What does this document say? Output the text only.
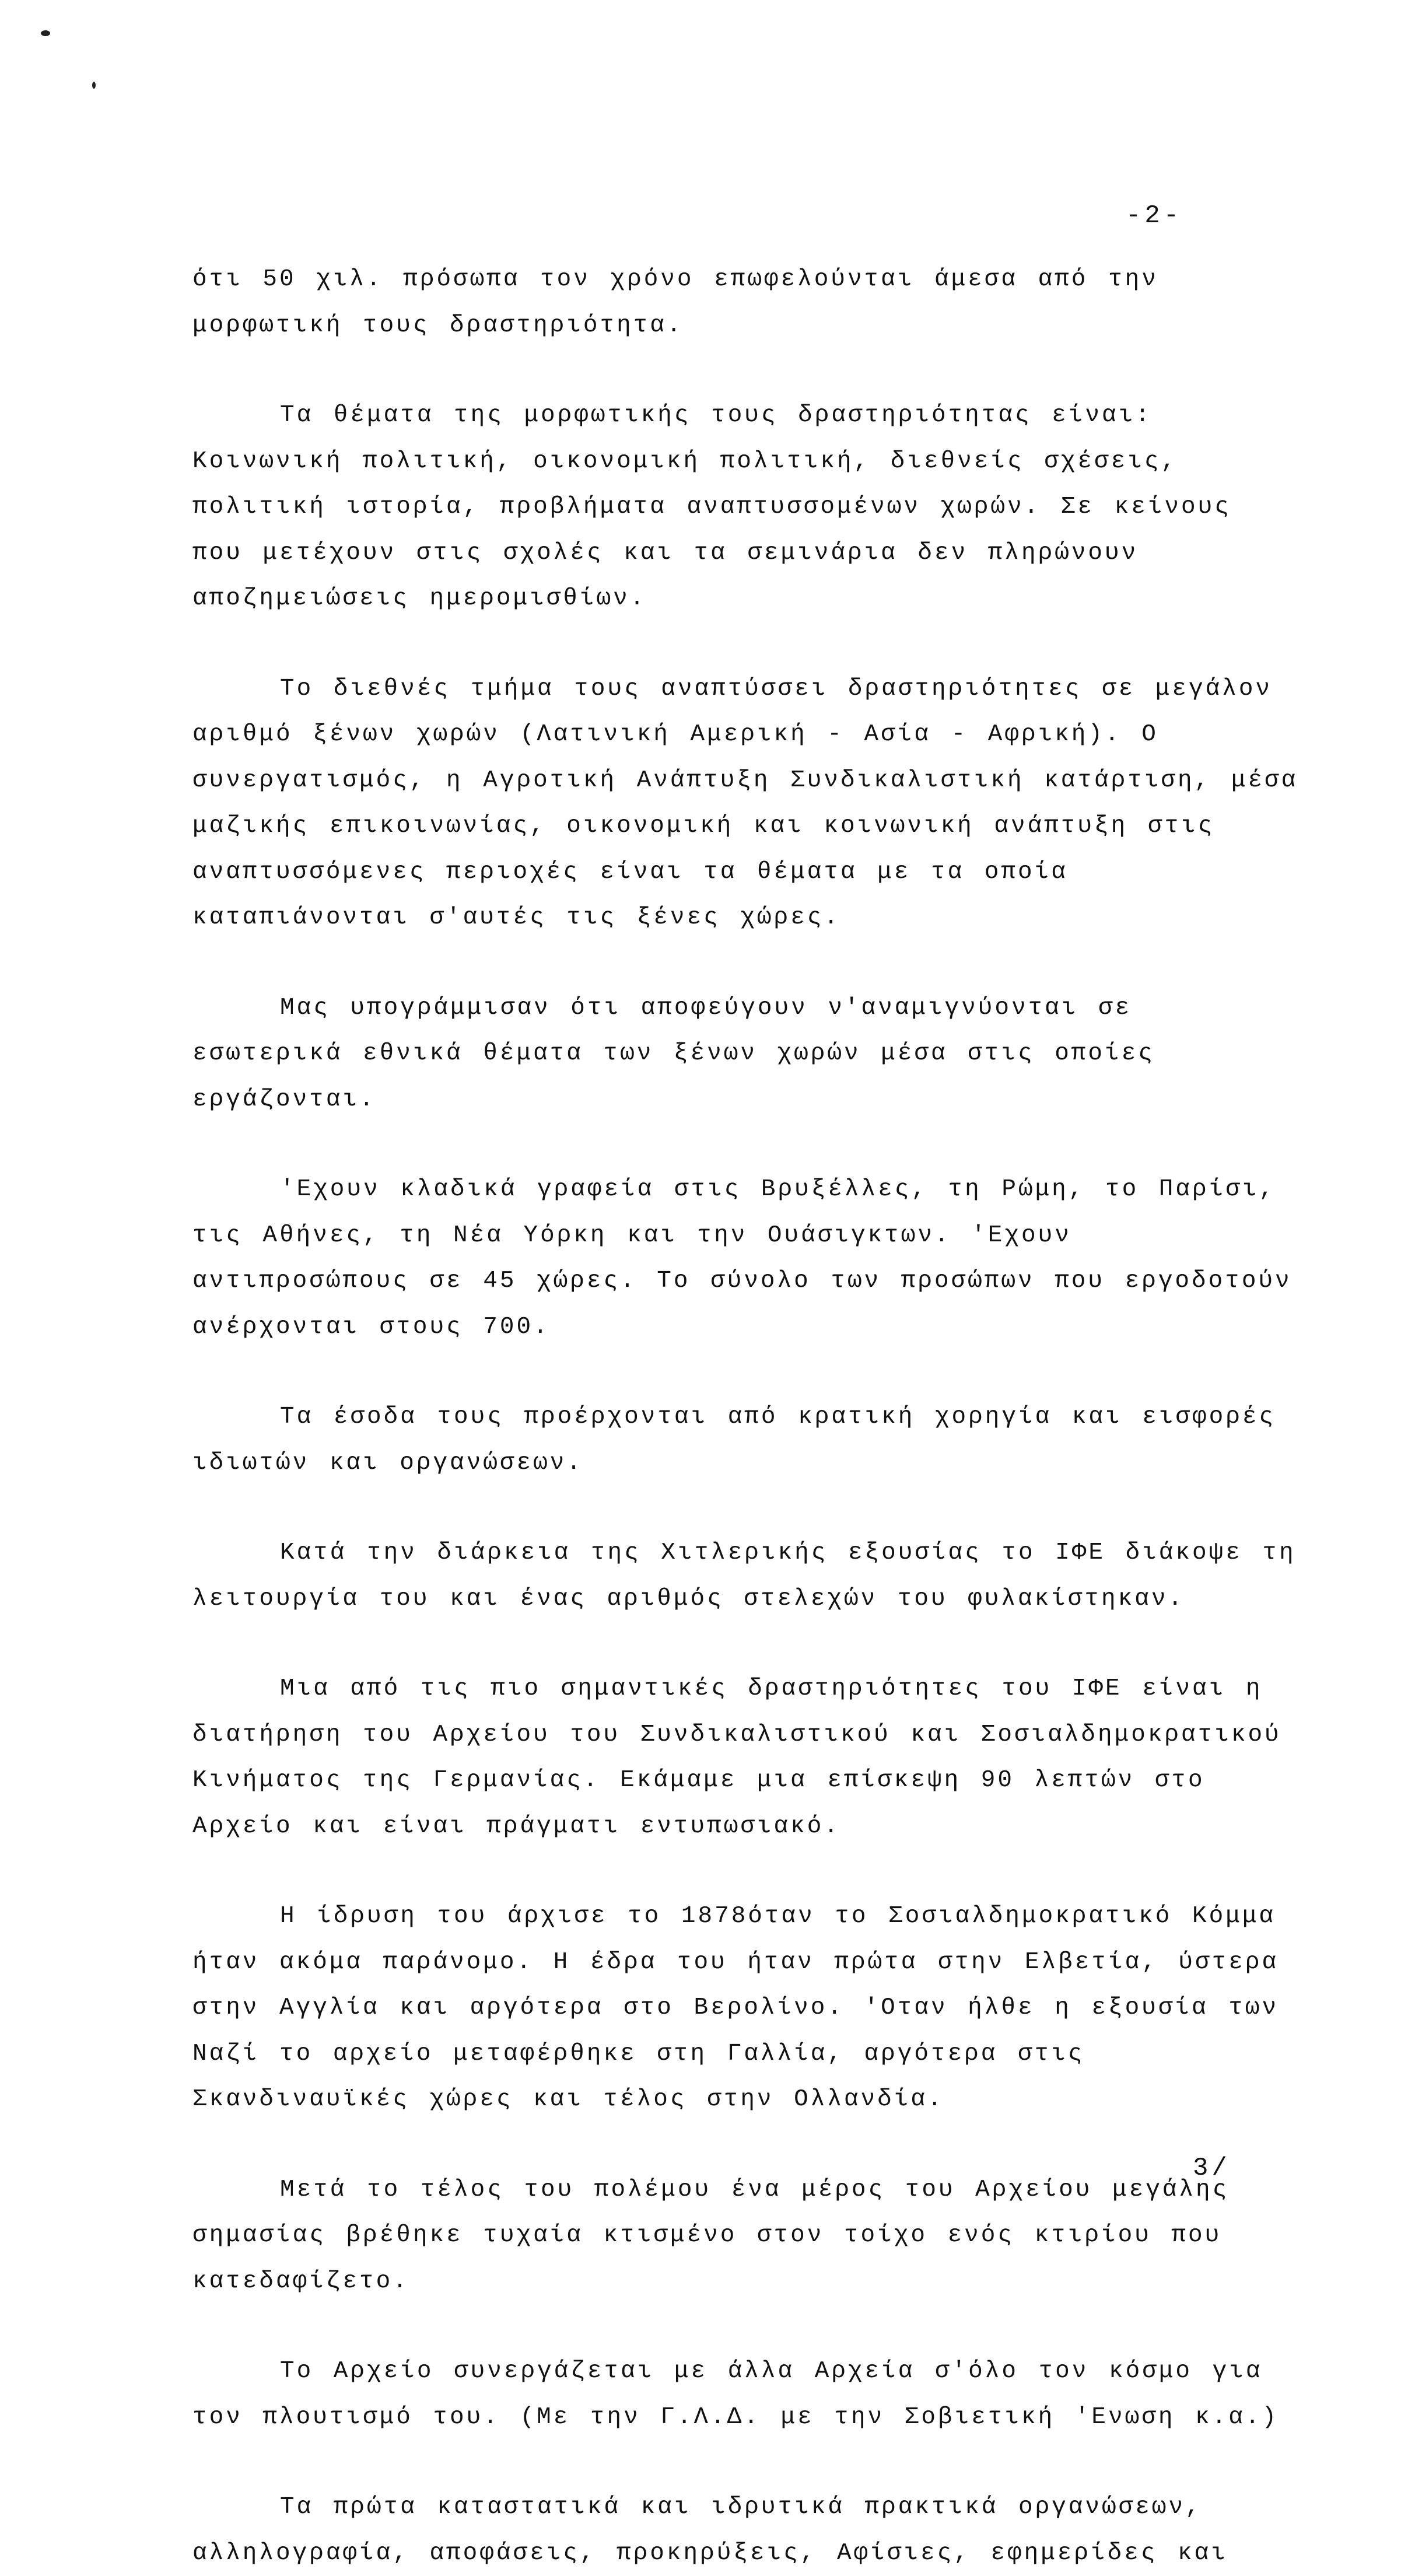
-2-

ότι 50 χιλ. πρόσωπα τον χρόνο επωφελούνται άμεσα από την μορφωτική τους δραστηριότητα.

Τα θέματα της μορφωτικής τους δραστηριότητας είναι: Κοινωνική πολιτική, οικονομική πολιτική, διεθνείς σχέσεις, πολιτική ιστορία, προβλήματα αναπτυσσομένων χωρών. Σε κείνους που μετέχουν στις σχολές και τα σεμινάρια δεν πληρώνουν αποζημειώσεις ημερομισθίων.

Το διεθνές τμήμα τους αναπτύσσει δραστηριότητες σε μεγάλον αριθμό ξένων χωρών (Λατινική Αμερική - Ασία - Αφρική). Ο συνεργατισμός, η Αγροτική Ανάπτυξη Συνδικαλιστική κατάρτιση, μέσα μαζικής επικοινωνίας, οικονομική και κοινωνική ανάπτυξη στις αναπτυσσόμενες περιοχές είναι τα θέματα με τα οποία καταπιάνονται σ'αυτές τις ξένες χώρες.

Μας υπογράμμισαν ότι αποφεύγουν ν'αναμιγνύονται σε εσωτερικά εθνικά θέματα των ξένων χωρών μέσα στις οποίες εργάζονται.

'Εχουν κλαδικά γραφεία στις Βρυξέλλες, τη Ρώμη, το Παρίσι, τις Αθήνες, τη Νέα Υόρκη και την Ουάσιγκτων. 'Εχουν αντιπροσώπους σε 45 χώρες. Το σύνολο των προσώπων που εργοδοτούν ανέρχονται στους 700.

Τα έσοδα τους προέρχονται από κρατική χορηγία και εισφορές ιδιωτών και οργανώσεων.

Κατά την διάρκεια της Χιτλερικής εξουσίας το ΙΦΕ διάκοψε τη λειτουργία του και ένας αριθμός στελεχών του φυλακίστηκαν.

Μια από τις πιο σημαντικές δραστηριότητες του ΙΦΕ είναι η διατήρηση του Αρχείου του Συνδικαλιστικού και Σοσιαλδημοκρατικού Κινήματος της Γερμανίας. Εκάμαμε μια επίσκεψη 90 λεπτών στο Αρχείο και είναι πράγματι εντυπωσιακό.

Η ίδρυση του άρχισε το 1878όταν το Σοσιαλδημοκρατικό Κόμμα ήταν ακόμα παράνομο. Η έδρα του ήταν πρώτα στην Ελβετία, ύστερα στην Αγγλία και αργότερα στο Βερολίνο. 'Οταν ήλθε η εξουσία των Ναζί το αρχείο μεταφέρθηκε στη Γαλλία, αργότερα στις Σκανδιναυϊκές χώρες και τέλος στην Ολλανδία.

Μετά το τέλος του πολέμου ένα μέρος του Αρχείου μεγάλης σημασίας βρέθηκε τυχαία κτισμένο στον τοίχο ενός κτιρίου που κατεδαφίζετο.

Το Αρχείο συνεργάζεται με άλλα Αρχεία σ'όλο τον κόσμο για τον πλουτισμό του. (Με την Γ.Λ.Δ. με την Σοβιετική 'Ενωση κ.α.)

Τα πρώτα καταστατικά και ιδρυτικά πρακτικά οργανώσεων, αλληλογραφία, αποφάσεις, προκηρύξεις, Αφίσιες, εφημερίδες και

3/
